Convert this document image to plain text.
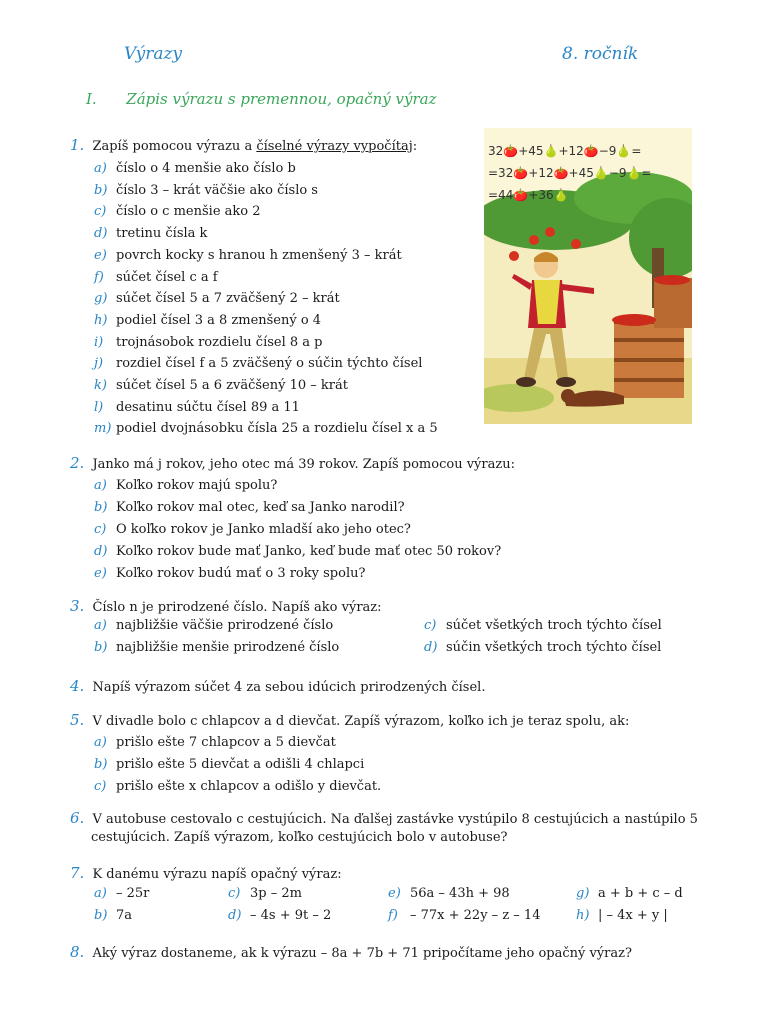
Výrazy	8. ročník
I. Zápis výrazu s premennou, opačný výraz
32🍅+45🍐+12🍅−9🍐=
=32🍅+12🍅+45🍐−9🍐=
=44🍅+36🍐
1. Zapíš pomocou výrazu a číselné výrazy vypočítaj:
a) číslo o 4 menšie ako číslo b
b) číslo 3 – krát väčšie ako číslo s
c) číslo o c menšie ako 2
d) tretinu čísla k
e) povrch kocky s hranou h zmenšený 3 – krát
f) súčet čísel c a f
g) súčet čísel 5 a 7 zväčšený 2 – krát
h) podiel čísel 3 a 8 zmenšený o 4
i) trojnásobok rozdielu čísel 8 a p
j) rozdiel čísel f a 5 zväčšený o súčin týchto čísel
k) súčet čísel 5 a 6 zväčšený 10 – krát
l) desatinu súčtu čísel 89 a 11
m) podiel dvojnásobku čísla 25 a rozdielu čísel x a 5
2. Janko má j rokov, jeho otec má 39 rokov. Zapíš pomocou výrazu:
a) Koľko rokov majú spolu?
b) Koľko rokov mal otec, keď sa Janko narodil?
c) O koľko rokov je Janko mladší ako jeho otec?
d) Koľko rokov bude mať Janko, keď bude mať otec 50 rokov?
e) Koľko rokov budú mať o 3 roky spolu?
3. Číslo n je prirodzené číslo. Napíš ako výraz:
a) najbližšie väčšie prirodzené číslo
b) najbližšie menšie prirodzené číslo
c) súčet všetkých troch týchto čísel
d) súčin všetkých troch týchto čísel
4. Napíš výrazom súčet 4 za sebou idúcich prirodzených čísel.
5. V divadle bolo c chlapcov a d dievčat. Zapíš výrazom, koľko ich je teraz spolu, ak:
a) prišlo ešte 7 chlapcov a 5 dievčat
b) prišlo ešte 5 dievčat a odišli 4 chlapci
c) prišlo ešte x chlapcov a odišlo y dievčat.
6. V autobuse cestovalo c cestujúcich. Na ďalšej zastávke vystúpilo 8 cestujúcich a nastúpilo 5
cestujúcich. Zapíš výrazom, koľko cestujúcich bolo v autobuse?
7. K danému výrazu napíš opačný výraz:
a) – 25r
b) 7a
c) 3p – 2m
d) – 4s + 9t – 2
e) 56a – 43h + 98
f) – 77x + 22y – z – 14
g) a + b + c – d
h) | – 4x + y |
8. Aký výraz dostaneme, ak k výrazu – 8a + 7b + 71 pripočítame jeho opačný výraz?
